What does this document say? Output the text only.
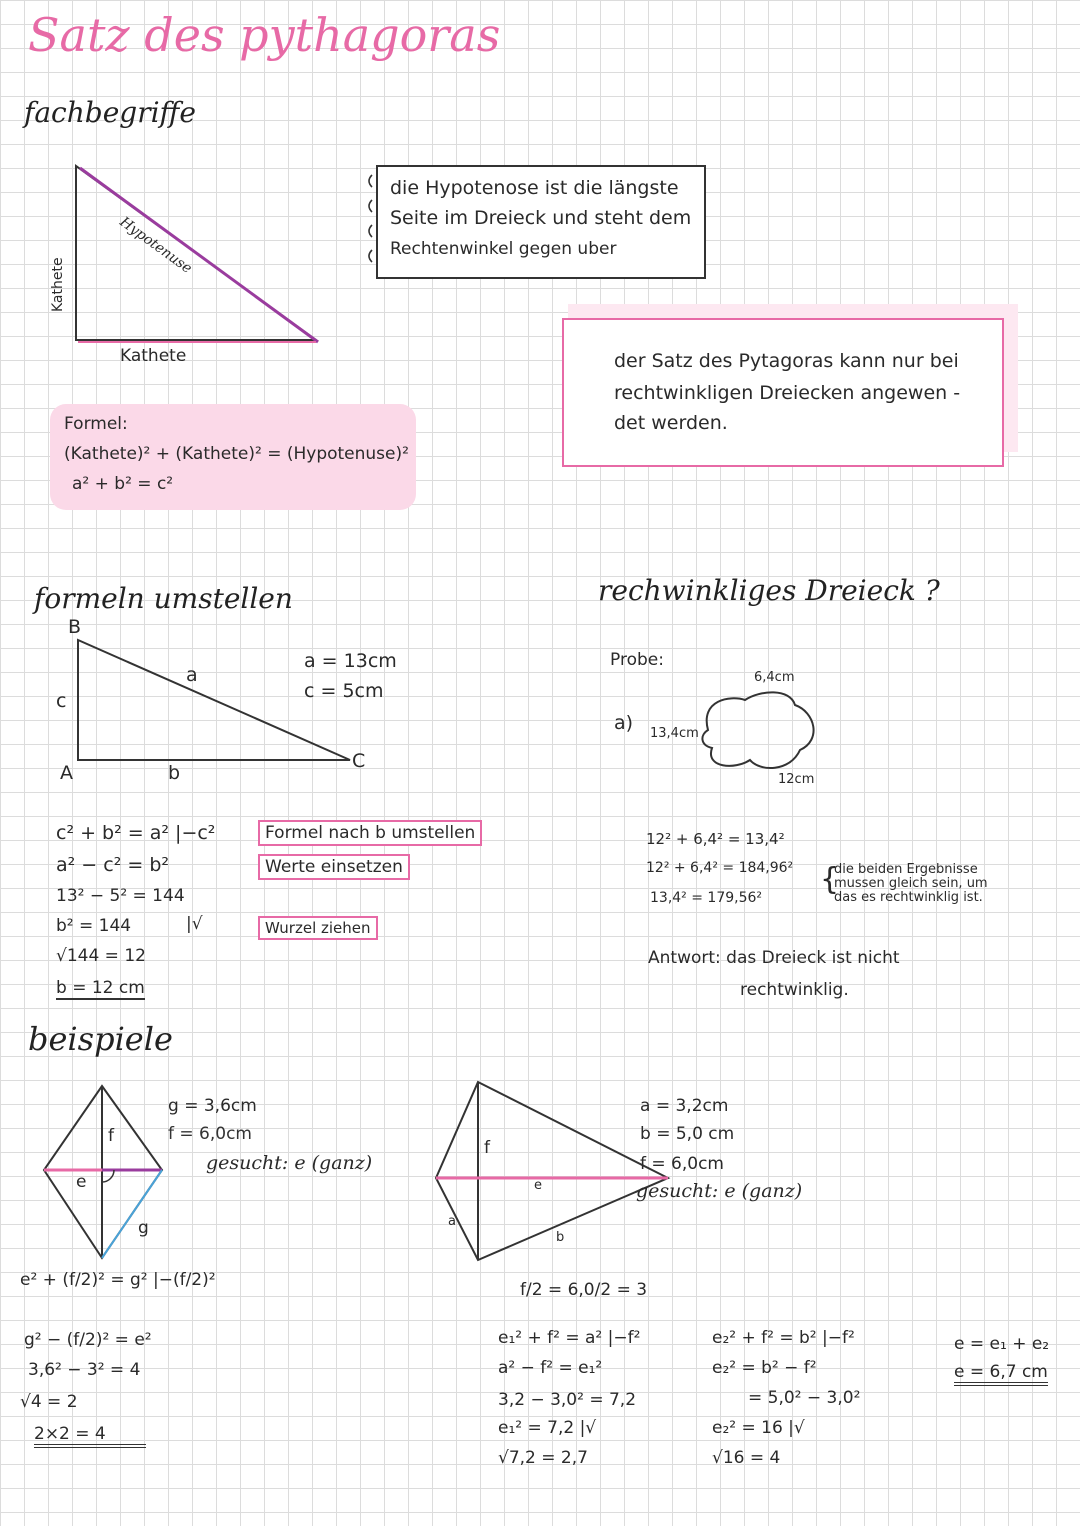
Satz des pythagoras
fachbegriffe
Hypotenuse
Kathete
Kathete
die Hypotenose ist die längste
Seite im Dreieck und steht dem
Rechtenwinkel gegen uber
Formel:
(Kathete)² + (Kathete)² = (Hypotenuse)²
a² + b² = c²
der Satz des Pytagoras kann nur bei
rechtwinkligen Dreiecken angewen -
det werden.
formeln umstellen
B
c
a
A	b
C
a = 13cm
c = 5cm
c² + b² = a² |−c²
a² − c² = b²
13² − 5² = 144
b² = 144	|√
√144 = 12
b = 12 cm
Formel nach b umstellen
Werte einsetzen
Wurzel ziehen
rechwinkliges Dreieck ?
Probe:
a) 13,4cm
6,4cm
12cm
12² + 6,4² = 13,4²
12² + 6,4² = 184,96²
13,4² = 179,56²
{
die beiden Ergebnisse
mussen gleich sein, um
das es rechtwinklig ist.
Antwort: das Dreieck ist nicht
rechtwinklig.
beispiele
f
e
g
g = 3,6cm
f = 6,0cm
gesucht: e (ganz)
e² + (f/2)² = g² |−(f/2)²
g² − (f/2)² = e²
3,6² − 3² = 4
√4 = 2
2×2 = 4
f
e
a
b
a = 3,2cm
b = 5,0 cm
f = 6,0cm
gesucht: e (ganz)
f/2 = 6,0/2 = 3
e₁² + f² = a² |−f²
a² − f² = e₁²
3,2 − 3,0² = 7,2
e₁² = 7,2 |√
√7,2 = 2,7
e₂² + f² = b² |−f²
e₂² = b² − f²
= 5,0² − 3,0²
e₂² = 16 |√
√16 = 4
e = e₁ + e₂
e = 6,7 cm
